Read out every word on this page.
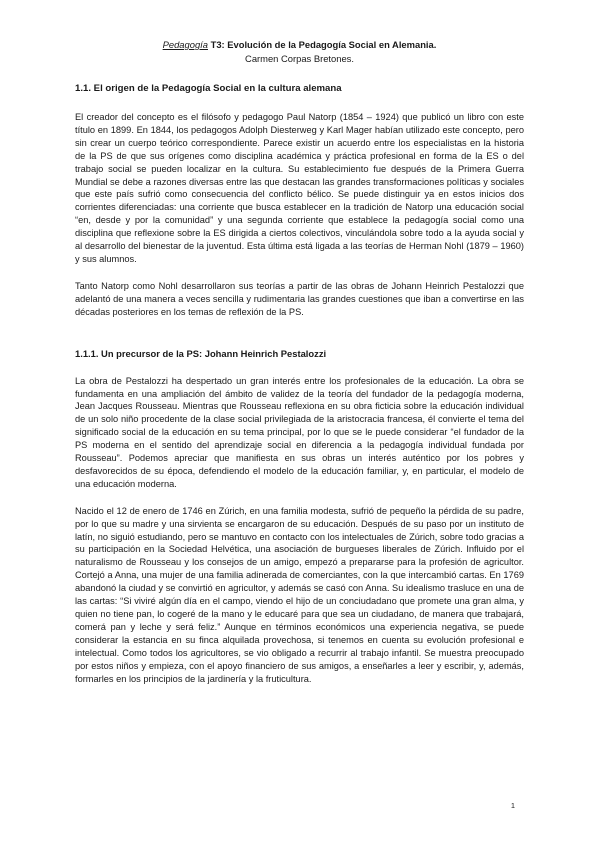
Pedagogía T3: Evolución de la Pedagogía Social en Alemania.
Carmen Corpas Bretones.
1.1. El origen de la Pedagogía Social en la cultura alemana

El creador del concepto es el filósofo y pedagogo Paul Natorp (1854 – 1924) que publicó un libro con este título en 1899. En 1844, los pedagogos Adolph Diesterweg y Karl Mager habían utilizado este concepto, pero sin crear un cuerpo teórico correspondiente. Parece existir un acuerdo entre los especialistas en la historia de la PS de que sus orígenes como disciplina académica y práctica profesional en forma de la ES o del trabajo social se pueden localizar en la cultura. Su establecimiento fue después de la Primera Guerra Mundial se debe a razones diversas entre las que destacan las grandes transformaciones políticas y sociales que este país sufrió como consecuencia del conflicto bélico. Se puede distinguir ya en estos inicios dos corrientes diferenciadas: una corriente que busca establecer en la tradición de Natorp una educación social “en, desde y por la comunidad” y una segunda corriente que establece la pedagogía social como una disciplina que reflexione sobre la ES dirigida a ciertos colectivos, vinculándola sobre todo a la ayuda social y al desarrollo del bienestar de la juventud. Esta última está ligada a las teorías de Herman Nohl (1879 – 1960) y sus alumnos.

Tanto Natorp como Nohl desarrollaron sus teorías a partir de las obras de Johann Heinrich Pestalozzi que adelantó de una manera a veces sencilla y rudimentaria las grandes cuestiones que iban a convertirse en las décadas posteriores en los temas de reflexión de la PS.

1.1.1. Un precursor de la PS: Johann Heinrich Pestalozzi

La obra de Pestalozzi ha despertado un gran interés entre los profesionales de la educación. La obra se fundamenta en una ampliación del ámbito de validez de la teoría del fundador de la pedagogía moderna, Jean Jacques Rousseau. Mientras que Rousseau reflexiona en su obra ficticia sobre la educación individual de un solo niño procedente de la clase social privilegiada de la aristocracia francesa, él convierte el tema del significado social de la educación en su tema principal, por lo que se le puede considerar “el fundador de la PS moderna en el sentido del aprendizaje social en diferencia a la pedagogía individual fundada por Rousseau”. Podemos apreciar que manifiesta en sus obras un interés auténtico por los pobres y desfavorecidos de su época, defendiendo el modelo de la educación familiar, y, en particular, el modelo de una educación moderna.

Nacido el 12 de enero de 1746 en Zúrich, en una familia modesta, sufrió de pequeño la pérdida de su padre, por lo que su madre y una sirvienta se encargaron de su educación. Después de su paso por un instituto de latín, no siguió estudiando, pero se mantuvo en contacto con los intelectuales de Zúrich, sobre todo gracias a su participación en la Sociedad Helvética, una asociación de burgueses liberales de Zúrich. Influido por el naturalismo de Rousseau y los consejos de un amigo, empezó a prepararse para la profesión de agricultor. Cortejó a Anna, una mujer de una familia adinerada de comerciantes, con la que intercambió cartas. En 1769 abandonó la ciudad y se convirtió en agricultor, y además se casó con Anna. Su idealismo trasluce en una de las cartas: “Si viviré algún día en el campo, viendo el hijo de un conciudadano que promete una gran alma, y quien no tiene pan, lo cogeré de la mano y le educaré para que sea un ciudadano, de manera que trabajará, comerá pan y leche y será feliz.” Aunque en términos económicos una experiencia negativa, se puede considerar la estancia en su finca alquilada provechosa, si tenemos en cuenta su evolución profesional e intelectual. Como todos los agricultores, se vio obligado a recurrir al trabajo infantil. Se muestra preocupado por estos niños y empieza, con el apoyo financiero de sus amigos, a enseñarles a leer y escribir, y, además, formarles en los principios de la jardinería y la fruticultura.

1
